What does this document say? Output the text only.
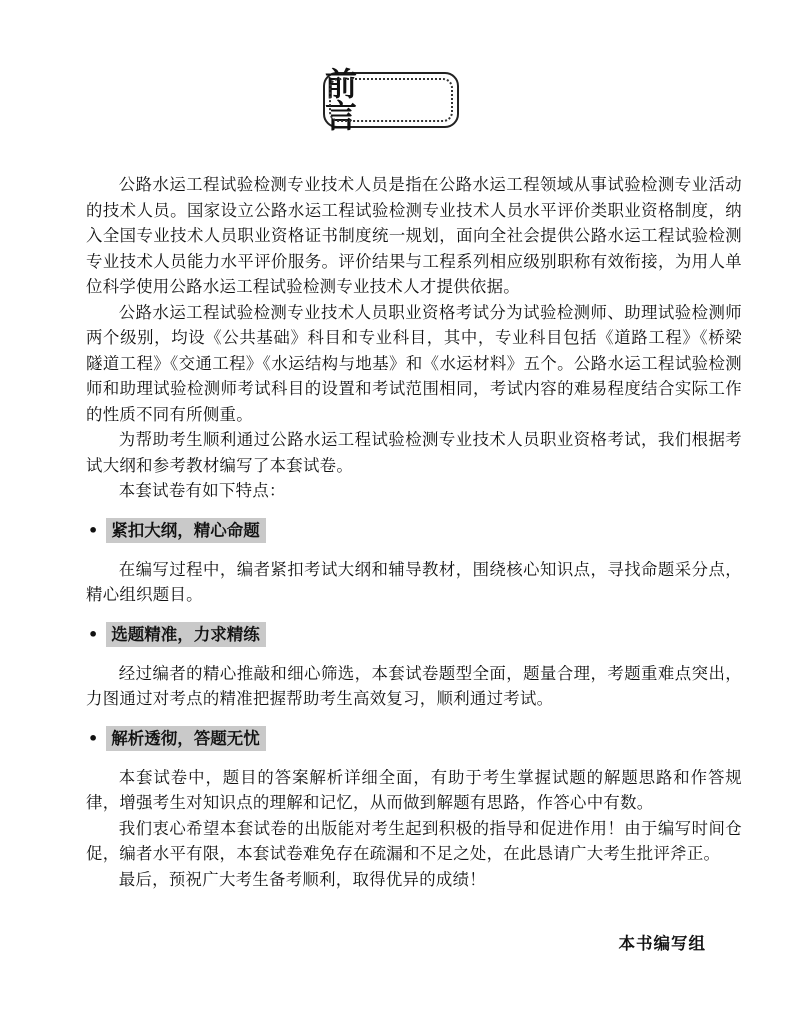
前 言

公路水运工程试验检测专业技术人员是指在公路水运工程领域从事试验检测专业活动的技术人员。国家设立公路水运工程试验检测专业技术人员水平评价类职业资格制度，纳入全国专业技术人员职业资格证书制度统一规划，面向全社会提供公路水运工程试验检测专业技术人员能力水平评价服务。评价结果与工程系列相应级别职称有效衔接，为用人单位科学使用公路水运工程试验检测专业技术人才提供依据。

公路水运工程试验检测专业技术人员职业资格考试分为试验检测师、助理试验检测师两个级别，均设《公共基础》科目和专业科目，其中，专业科目包括《道路工程》《桥梁隧道工程》《交通工程》《水运结构与地基》和《水运材料》五个。公路水运工程试验检测师和助理试验检测师考试科目的设置和考试范围相同，考试内容的难易程度结合实际工作的性质不同有所侧重。

为帮助考生顺利通过公路水运工程试验检测专业技术人员职业资格考试，我们根据考试大纲和参考教材编写了本套试卷。

本套试卷有如下特点：

• 紧扣大纲，精心命题

在编写过程中，编者紧扣考试大纲和辅导教材，围绕核心知识点，寻找命题采分点，精心组织题目。

• 选题精准，力求精练

经过编者的精心推敲和细心筛选，本套试卷题型全面，题量合理，考题重难点突出，力图通过对考点的精准把握帮助考生高效复习，顺利通过考试。

• 解析透彻，答题无忧

本套试卷中，题目的答案解析详细全面，有助于考生掌握试题的解题思路和作答规律，增强考生对知识点的理解和记忆，从而做到解题有思路，作答心中有数。

我们衷心希望本套试卷的出版能对考生起到积极的指导和促进作用！由于编写时间仓促，编者水平有限，本套试卷难免存在疏漏和不足之处，在此恳请广大考生批评斧正。

最后，预祝广大考生备考顺利，取得优异的成绩！

本书编写组
